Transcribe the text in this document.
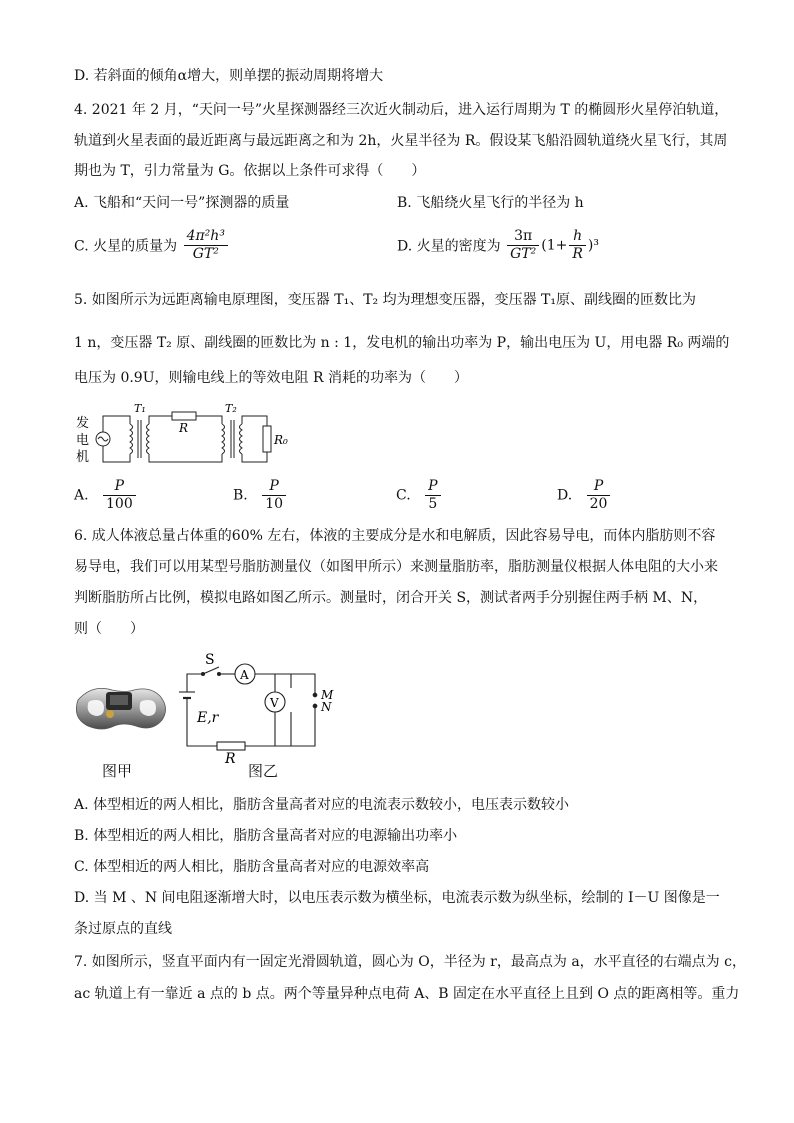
D. 若斜面的倾角α增大，则单摆的振动周期将增大
4. 2021 年 2 月，“天问一号”火星探测器经三次近火制动后，进入运行周期为 T 的椭圆形火星停泊轨道，
轨道到火星表面的最近距离与最远距离之和为 2h，火星半径为 R。假设某飞船沿圆轨道绕火星飞行，其周
期也为 T，引力常量为 G。依据以上条件可求得（　　）
A. 飞船和“天问一号”探测器的质量	B. 飞船绕火星飞行的半径为 h
C. 火星的质量为 $\frac{\text{4π²h³}}{\text{GT²}}$	D. 火星的密度为 $\frac{3\pi}{\text{GT²}} (1+ \frac{h}{R} )^3$
5. 如图所示为远距离输电原理图，变压器 T₁、T₂ 均为理想变压器，变压器 T₁原、副线圈的匝数比为
1 n，变压器 T₂ 原、副线圈的匝数比为 n : 1，发电机的输出功率为 P，输出电压为 U，用电器 R₀ 两端的
电压为 0.9U，则输电线上的等效电阻 R 消耗的功率为（　　）
发
电
机
T₁	T₂
R
R₀
A. $\frac{P}{100}$	B. $\frac{P}{10}$	C. $\frac{P}{5}$	D. $\frac{P}{20}$
6. 成人体液总量占体重的60% 左右，体液的主要成分是水和电解质，因此容易导电，而体内脂肪则不容
易导电，我们可以用某型号脂肪测量仪（如图甲所示）来测量脂肪率，脂肪测量仪根据人体电阻的大小来
判断脂肪所占比例，模拟电路如图乙所示。测量时，闭合开关 S，测试者两手分别握住两手柄 M、N，
则（　　）
图甲
S
A
V
E,r
R
M
N
图乙
A. 体型相近的两人相比，脂肪含量高者对应的电流表示数较小，电压表示数较小
B. 体型相近的两人相比，脂肪含量高者对应的电源输出功率小
C. 体型相近的两人相比，脂肪含量高者对应的电源效率高
D. 当 M 、N 间电阻逐渐增大时，以电压表示数为横坐标，电流表示数为纵坐标，绘制的 I－U 图像是一
条过原点的直线
7. 如图所示，竖直平面内有一固定光滑圆轨道，圆心为 O，半径为 r，最高点为 a，水平直径的右端点为 c，
ac 轨道上有一靠近 a 点的 b 点。两个等量异种点电荷 A、B 固定在水平直径上且到 O 点的距离相等。重力
